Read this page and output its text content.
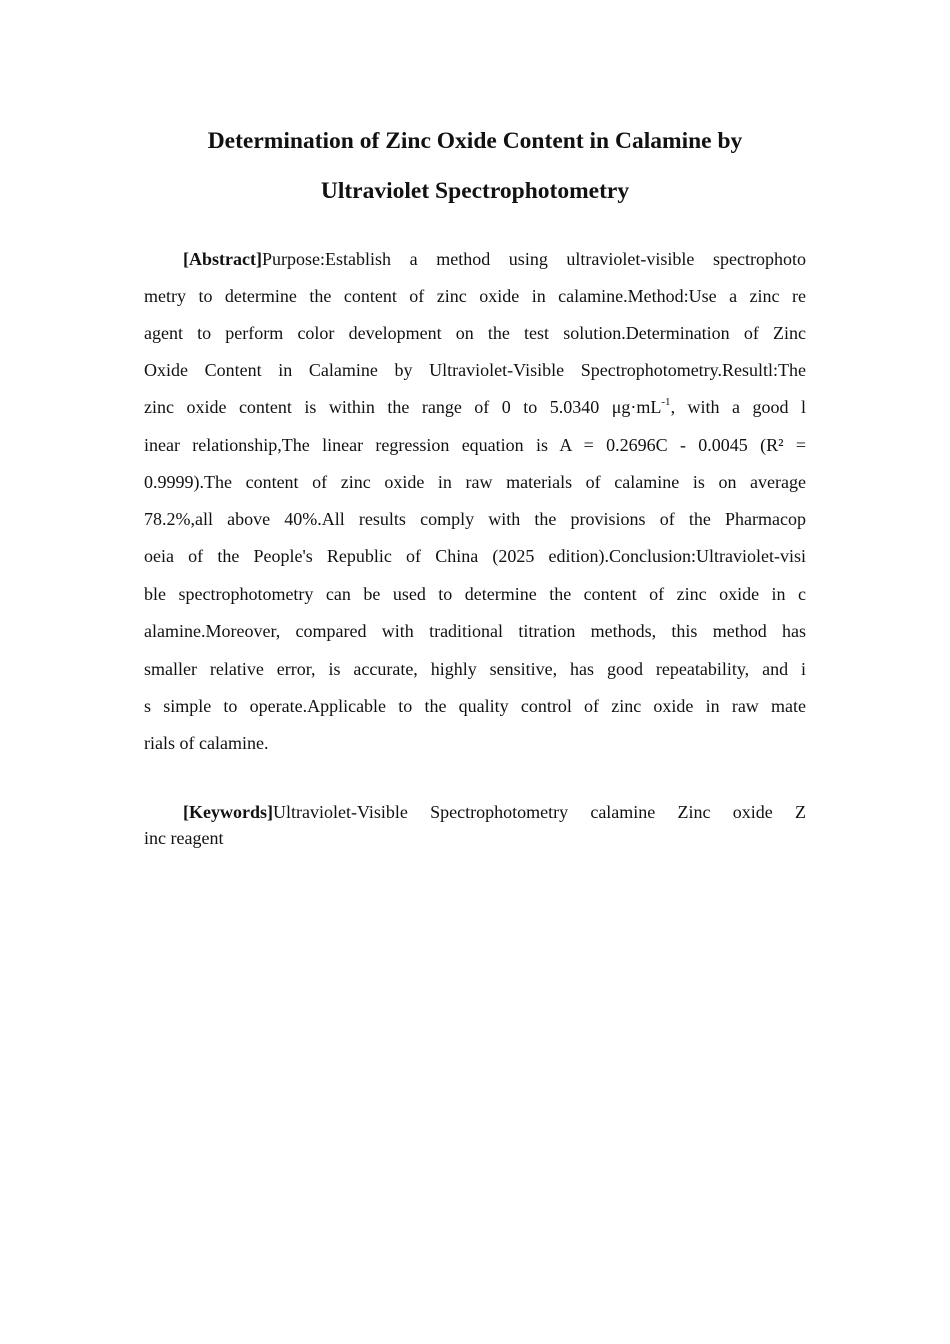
Determination of Zinc Oxide Content in Calamine by
Ultraviolet Spectrophotometry
[Abstract]Purpose:Establish a method using ultraviolet-visible spectrophoto
metry to determine the content of zinc oxide in calamine.Method:Use a zinc re
agent to perform color development on the test solution.Determination of Zinc
Oxide Content in Calamine by Ultraviolet-Visible Spectrophotometry.Resultl:The
zinc oxide content is within the range of 0 to 5.0340 $\mu g\cdot mL^{-1}$, with a good l
inear relationship,The linear regression equation is A = 0.2696C - 0.0045 (R² =
0.9999).The content of zinc oxide in raw materials of calamine is on average
78.2%,all above 40%.All results comply with the provisions of the Pharmacop
oeia of the People's Republic of China (2025 edition).Conclusion:Ultraviolet-visi
ble spectrophotometry can be used to determine the content of zinc oxide in c
alamine.Moreover, compared with traditional titration methods, this method has
smaller relative error, is accurate, highly sensitive, has good repeatability, and i
s simple to operate.Applicable to the quality control of zinc oxide in raw mate
rials of calamine.
[Keywords]Ultraviolet-Visible Spectrophotometry calamine Zinc oxide Z
inc reagent
